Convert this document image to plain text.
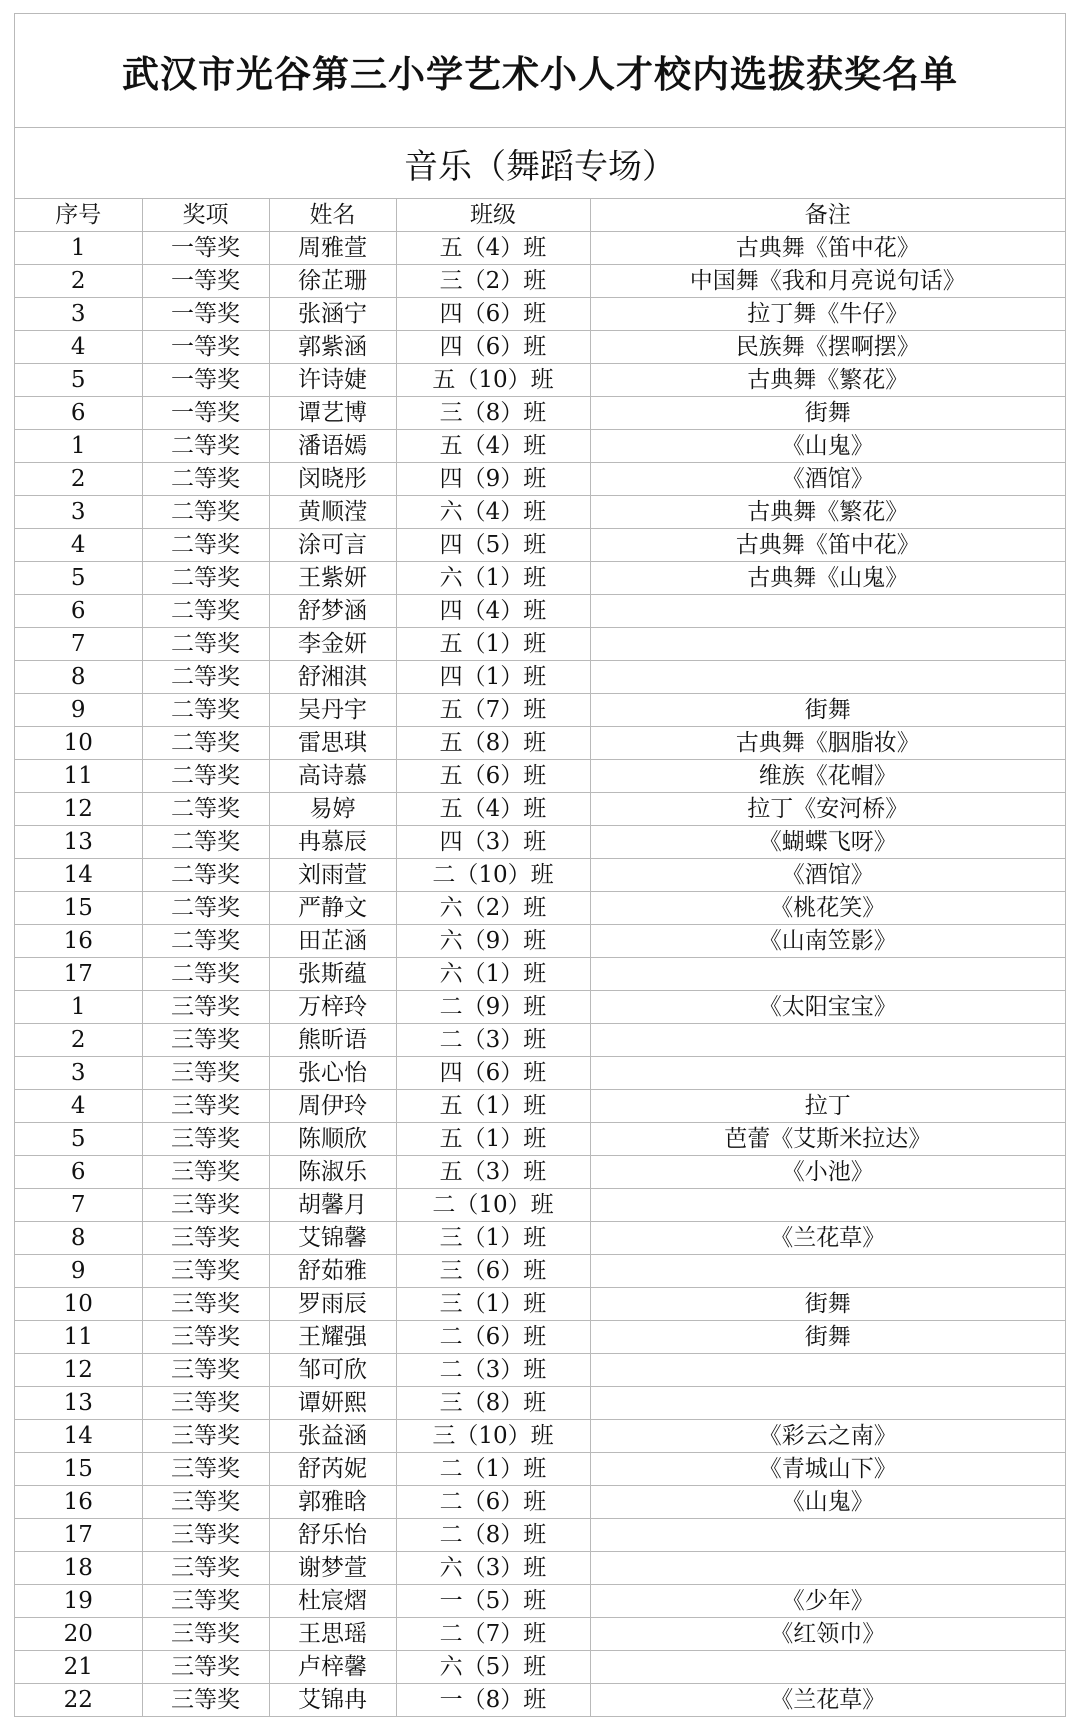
武汉市光谷第三小学艺术小人才校内选拔获奖名单
音乐（舞蹈专场）
序号	奖项	姓名	班级	备注
1	一等奖	周雅萱	五（4）班	古典舞《笛中花》
2	一等奖	徐芷珊	三（2）班	中国舞《我和月亮说句话》
3	一等奖	张涵宁	四（6）班	拉丁舞《牛仔》
4	一等奖	郭紫涵	四（6）班	民族舞《摆啊摆》
5	一等奖	许诗婕	五（10）班	古典舞《繁花》
6	一等奖	谭艺博	三（8）班	街舞
1	二等奖	潘语嫣	五（4）班	《山鬼》
2	二等奖	闵晓彤	四（9）班	《酒馆》
3	二等奖	黄顺滢	六（4）班	古典舞《繁花》
4	二等奖	涂可言	四（5）班	古典舞《笛中花》
5	二等奖	王紫妍	六（1）班	古典舞《山鬼》
6	二等奖	舒梦涵	四（4）班	
7	二等奖	李金妍	五（1）班	
8	二等奖	舒湘淇	四（1）班	
9	二等奖	吴丹宇	五（7）班	街舞
10	二等奖	雷思琪	五（8）班	古典舞《胭脂妆》
11	二等奖	高诗慕	五（6）班	维族《花帽》
12	二等奖	易婷	五（4）班	拉丁《安河桥》
13	二等奖	冉慕辰	四（3）班	《蝴蝶飞呀》
14	二等奖	刘雨萱	二（10）班	《酒馆》
15	二等奖	严静文	六（2）班	《桃花笑》
16	二等奖	田芷涵	六（9）班	《山南笠影》
17	二等奖	张斯蕴	六（1）班	
1	三等奖	万梓玲	二（9）班	《太阳宝宝》
2	三等奖	熊昕语	二（3）班	
3	三等奖	张心怡	四（6）班	
4	三等奖	周伊玲	五（1）班	拉丁
5	三等奖	陈顺欣	五（1）班	芭蕾《艾斯米拉达》
6	三等奖	陈淑乐	五（3）班	《小池》
7	三等奖	胡馨月	二（10）班	
8	三等奖	艾锦馨	三（1）班	《兰花草》
9	三等奖	舒茹雅	三（6）班	
10	三等奖	罗雨辰	三（1）班	街舞
11	三等奖	王耀强	二（6）班	街舞
12	三等奖	邹可欣	二（3）班	
13	三等奖	谭妍熙	三（8）班	
14	三等奖	张益涵	三（10）班	《彩云之南》
15	三等奖	舒芮妮	二（1）班	《青城山下》
16	三等奖	郭雅晗	二（6）班	《山鬼》
17	三等奖	舒乐怡	二（8）班	
18	三等奖	谢梦萱	六（3）班	
19	三等奖	杜宸熠	一（5）班	《少年》
20	三等奖	王思瑶	二（7）班	《红领巾》
21	三等奖	卢梓馨	六（5）班	
22	三等奖	艾锦冉	一（8）班	《兰花草》
